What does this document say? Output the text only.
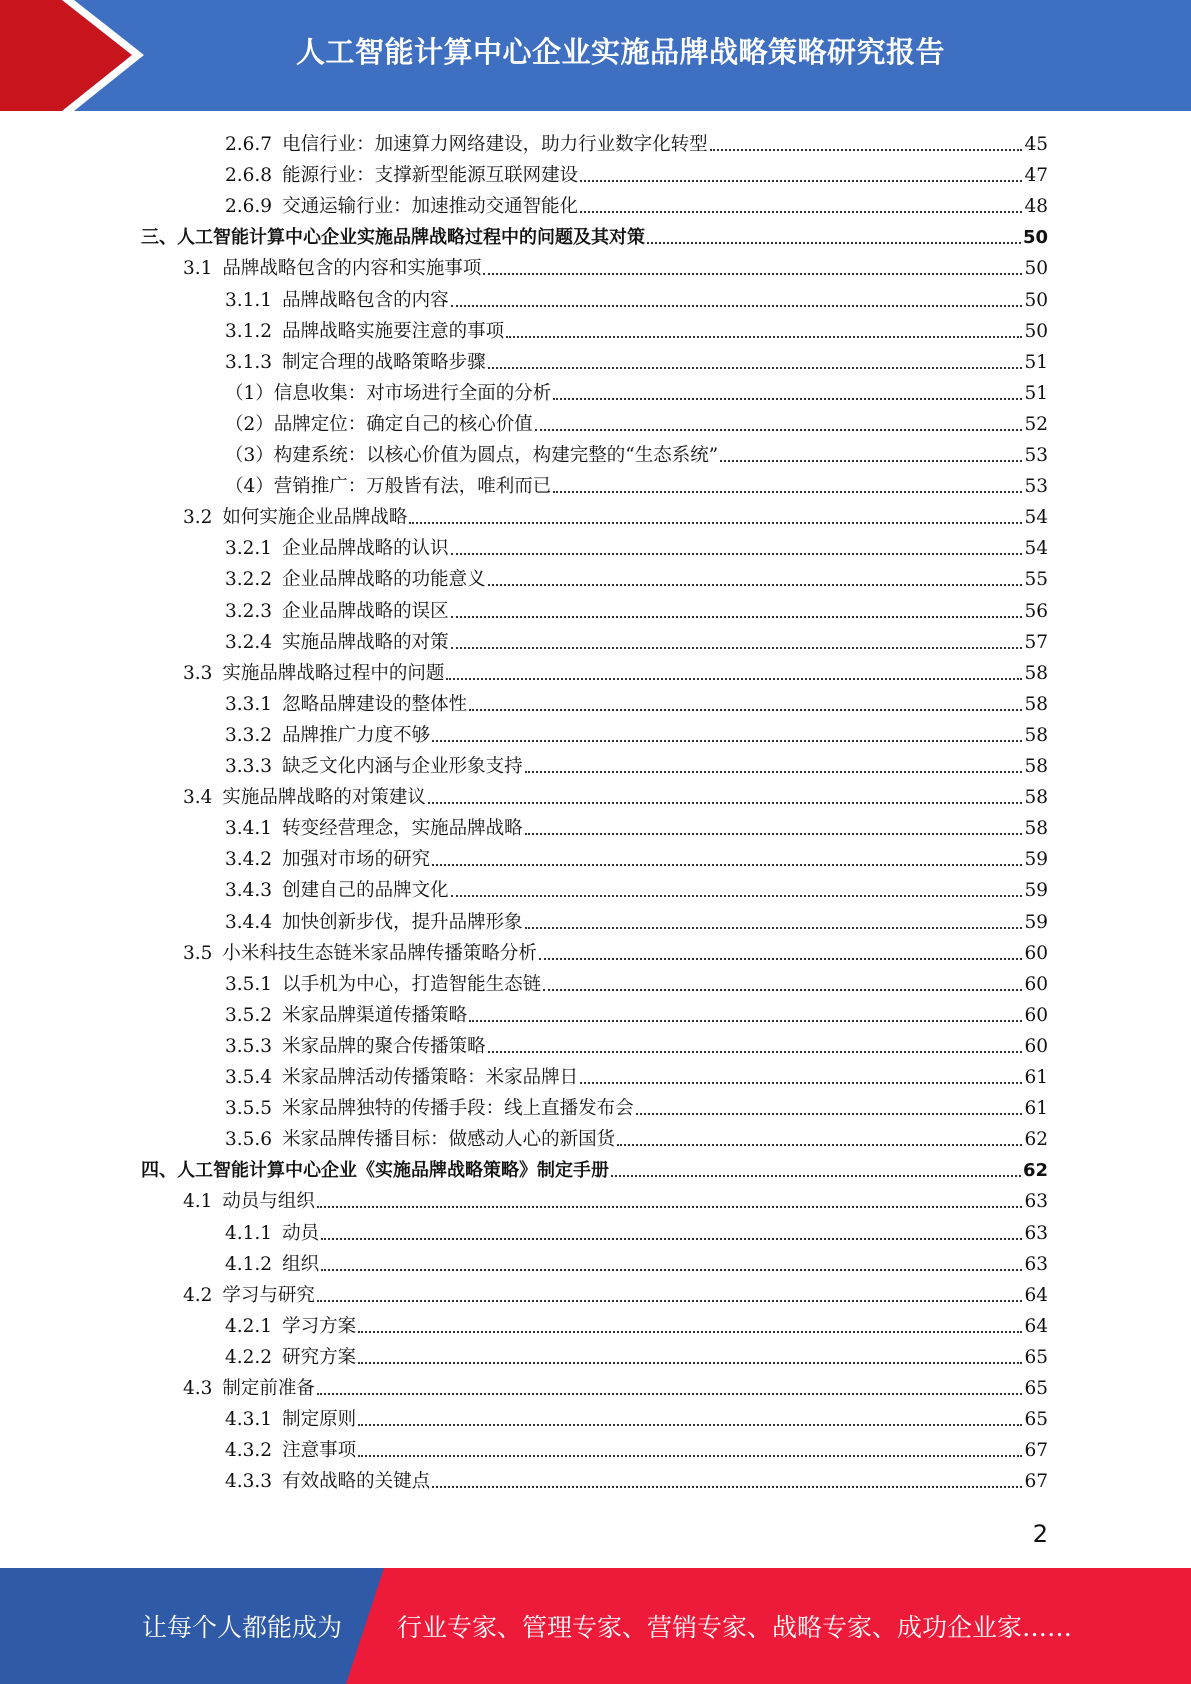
人工智能计算中心企业实施品牌战略策略研究报告
2.6.7 电信行业：加速算力网络建设，助力行业数字化转型	45
2.6.8 能源行业：支撑新型能源互联网建设	47
2.6.9 交通运输行业：加速推动交通智能化	48
三、人工智能计算中心企业实施品牌战略过程中的问题及其对策	50
3.1 品牌战略包含的内容和实施事项	50
3.1.1 品牌战略包含的内容	50
3.1.2 品牌战略实施要注意的事项	50
3.1.3 制定合理的战略策略步骤	51
（1）信息收集：对市场进行全面的分析	51
（2）品牌定位：确定自己的核心价值	52
（3）构建系统：以核心价值为圆点，构建完整的“生态系统”	53
（4）营销推广：万般皆有法，唯利而已	53
3.2 如何实施企业品牌战略	54
3.2.1 企业品牌战略的认识	54
3.2.2 企业品牌战略的功能意义	55
3.2.3 企业品牌战略的误区	56
3.2.4 实施品牌战略的对策	57
3.3 实施品牌战略过程中的问题	58
3.3.1 忽略品牌建设的整体性	58
3.3.2 品牌推广力度不够	58
3.3.3 缺乏文化内涵与企业形象支持	58
3.4 实施品牌战略的对策建议	58
3.4.1 转变经营理念，实施品牌战略	58
3.4.2 加强对市场的研究	59
3.4.3 创建自己的品牌文化	59
3.4.4 加快创新步伐，提升品牌形象	59
3.5 小米科技生态链米家品牌传播策略分析	60
3.5.1 以手机为中心，打造智能生态链	60
3.5.2 米家品牌渠道传播策略	60
3.5.3 米家品牌的聚合传播策略	60
3.5.4 米家品牌活动传播策略：米家品牌日	61
3.5.5 米家品牌独特的传播手段：线上直播发布会	61
3.5.6 米家品牌传播目标：做感动人心的新国货	62
四、人工智能计算中心企业《实施品牌战略策略》制定手册	62
4.1 动员与组织	63
4.1.1 动员	63
4.1.2 组织	63
4.2 学习与研究	64
4.2.1 学习方案	64
4.2.2 研究方案	65
4.3 制定前准备	65
4.3.1 制定原则	65
4.3.2 注意事项	67
4.3.3 有效战略的关键点	67
2
让每个人都能成为 行业专家、管理专家、营销专家、战略专家、成功企业家……
